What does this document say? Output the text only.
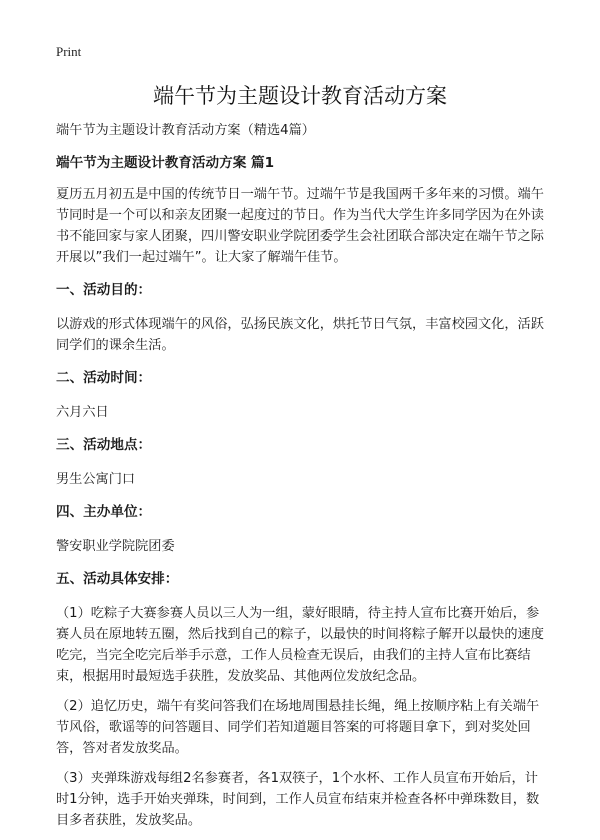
Print
端午节为主题设计教育活动方案

端午节为主题设计教育活动方案（精选4篇）

端午节为主题设计教育活动方案 篇1

夏历五月初五是中国的传统节日一端午节。过端午节是我国两千多年来的习惯。端午节同时是一个可以和亲友团聚一起度过的节日。作为当代大学生许多同学因为在外读书不能回家与家人团聚，四川警安职业学院团委学生会社团联合部决定在端午节之际开展以”我们一起过端午”。让大家了解端午佳节。

一、活动目的：

以游戏的形式体现端午的风俗，弘扬民族文化，烘托节日气氛，丰富校园文化，活跃同学们的课余生活。

二、活动时间：

六月六日

三、活动地点：

男生公寓门口

四、主办单位：

警安职业学院院团委

五、活动具体安排：

（1）吃粽子大赛参赛人员以三人为一组，蒙好眼睛，待主持人宣布比赛开始后，参赛人员在原地转五圈，然后找到自己的粽子，以最快的时间将粽子解开以最快的速度吃完，当完全吃完后举手示意，工作人员检查无误后，由我们的主持人宣布比赛结束，根据用时最短选手获胜，发放奖品、其他两位发放纪念品。

（2）追忆历史，端午有奖问答我们在场地周围悬挂长绳，绳上按顺序粘上有关端午节风俗，歌谣等的问答题目、同学们若知道题目答案的可将题目拿下，到对奖处回答，答对者发放奖品。

（3）夹弹珠游戏每组2名参赛者，各1双筷子，1个水杯、工作人员宣布开始后，计时1分钟，选手开始夹弹珠，时间到，工作人员宣布结束并检查各杯中弹珠数目，数目多者获胜，发放奖品。
